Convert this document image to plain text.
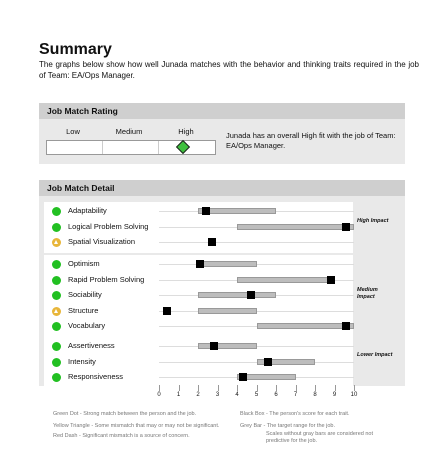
Summary
The graphs below show how well Junada matches with the behavior and thinking traits required in the job of Team: EA/Ops Manager.
Job Match Rating
Low	Medium	High	Junada has an overall High fit with the job of Team: EA/Ops Manager.
Job Match Detail
Adaptability
Logical Problem Solving
Spatial Visualization
Optimism
Rapid Problem Solving
Sociability
Structure
Vocabulary
Assertiveness
Intensity
Responsiveness
High Impact
Medium Impact
Lower Impact
0	1	2	3	4	5	6	7	8	9	10
Green Dot - Strong match between the person and the job.
Yellow Triangle - Some mismatch that may or may not be significant.
Red Dash - Significant mismatch is a source of concern.
Black Box - The person's score for each trait.
Grey Bar - The target range for the job.
Scales without gray bars are considered not predictive for the job.
